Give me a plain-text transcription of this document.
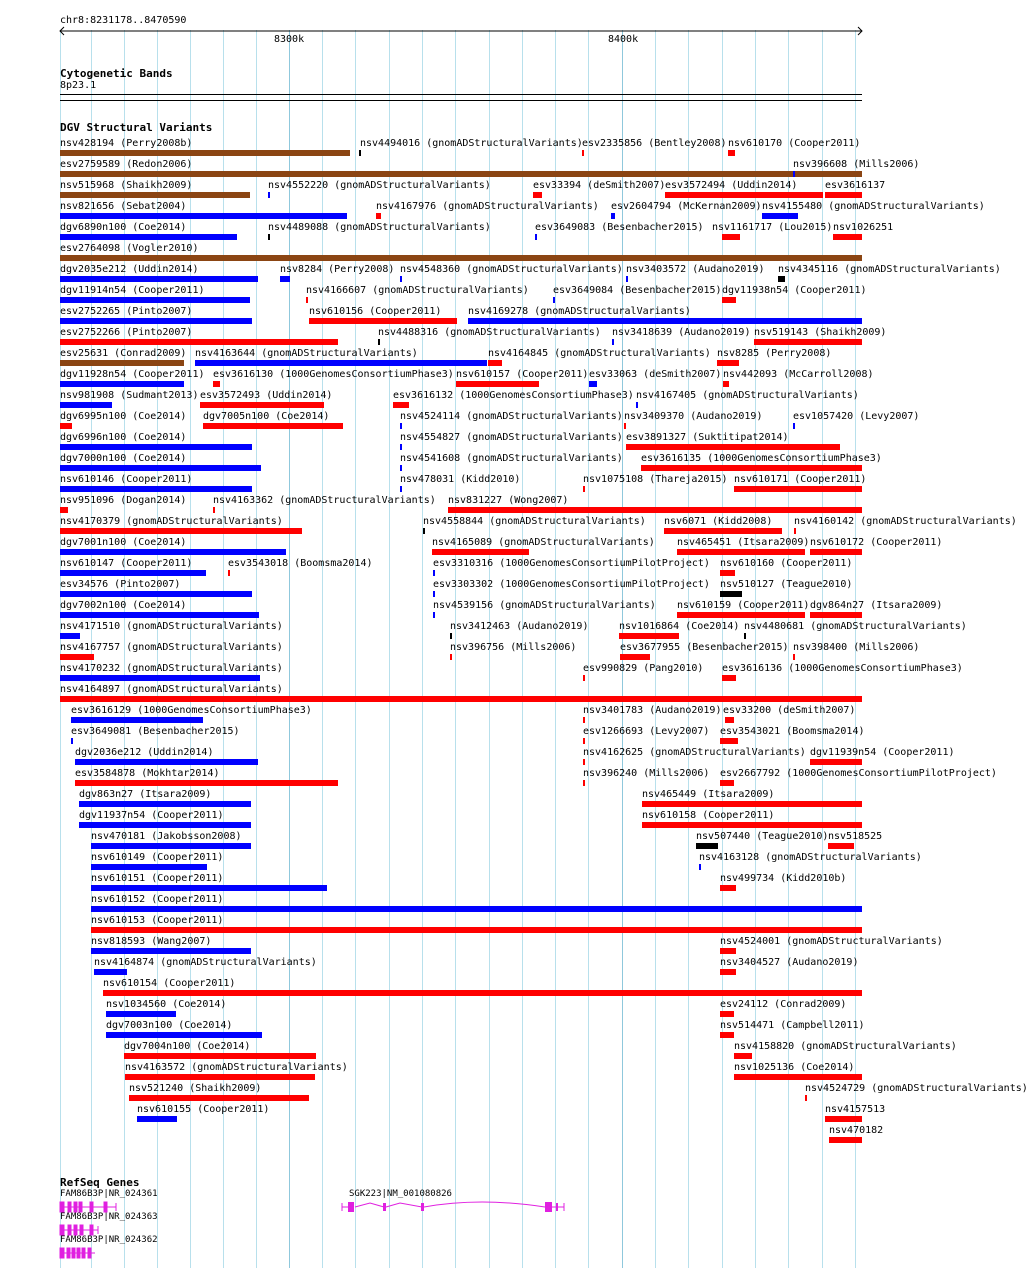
chr8:8231178..8470590
8300k	8400k
Cytogenetic Bands
8p23.1
DGV Structural Variants
nsv428194 (Perry2008b)	nsv4494016 (gnomADStructuralVariants) esv2335856 (Bentley2008) nsv610170 (Cooper2011)
esv2759589 (Redon2006)	nsv396608 (Mills2006)
nsv515968 (Shaikh2009)	nsv4552220 (gnomADStructuralVariants)	esv33394 (deSmith2007) esv3572494 (Uddin2014)	esv3616137
nsv821656 (Sebat2004)	nsv4167976 (gnomADStructuralVariants) esv2604794 (McKernan2009) nsv4155480 (gnomADStructuralVariants)
dgv6890n100 (Coe2014)	nsv4489088 (gnomADStructuralVariants)	esv3649083 (Besenbacher2015) nsv1161717 (Lou2015) nsv1026251
esv2764098 (Vogler2010)
dgv2035e212 (Uddin2014)	nsv8284 (Perry2008) nsv4548360 (gnomADStructuralVariants) nsv3403572 (Audano2019) nsv4345116 (gnomADStructuralVariants)
dgv11914n54 (Cooper2011)	nsv4166607 (gnomADStructuralVariants) esv3649084 (Besenbacher2015) dgv11938n54 (Cooper2011)
esv2752265 (Pinto2007)	nsv610156 (Cooper2011)	nsv4169278 (gnomADStructuralVariants)
esv2752266 (Pinto2007)	nsv4488316 (gnomADStructuralVariants) nsv3418639 (Audano2019) nsv519143 (Shaikh2009)
esv25631 (Conrad2009) nsv4163644 (gnomADStructuralVariants)	nsv4164845 (gnomADStructuralVariants) nsv8285 (Perry2008)
dgv11928n54 (Cooper2011) esv3616130 (1000GenomesConsortiumPhase3) nsv610157 (Cooper2011) esv33063 (deSmith2007) nsv442093 (McCarroll2008)
nsv981908 (Sudmant2013) esv3572493 (Uddin2014)	esv3616132 (1000GenomesConsortiumPhase3) nsv4167405 (gnomADStructuralVariants)
dgv6995n100 (Coe2014) dgv7005n100 (Coe2014)	nsv4524114 (gnomADStructuralVariants) nsv3409370 (Audano2019)	esv1057420 (Levy2007)
dgv6996n100 (Coe2014)	nsv4554827 (gnomADStructuralVariants) esv3891327 (Suktitipat2014)
dgv7000n100 (Coe2014)	nsv4541608 (gnomADStructuralVariants) esv3616135 (1000GenomesConsortiumPhase3)
nsv610146 (Cooper2011)	nsv478031 (Kidd2010)	nsv1075108 (Thareja2015) nsv610171 (Cooper2011)
nsv951096 (Dogan2014)	nsv4163362 (gnomADStructuralVariants) nsv831227 (Wong2007)
nsv4170379 (gnomADStructuralVariants)	nsv4558844 (gnomADStructuralVariants) nsv6071 (Kidd2008) nsv4160142 (gnomADStructuralVariants)
dgv7001n100 (Coe2014)	nsv4165089 (gnomADStructuralVariants) nsv465451 (Itsara2009) nsv610172 (Cooper2011)
nsv610147 (Cooper2011)	esv3543018 (Boomsma2014)	esv3310316 (1000GenomesConsortiumPilotProject) nsv610160 (Cooper2011)
esv34576 (Pinto2007)	esv3303302 (1000GenomesConsortiumPilotProject) nsv510127 (Teague2010)
dgv7002n100 (Coe2014)	nsv4539156 (gnomADStructuralVariants) nsv610159 (Cooper2011) dgv864n27 (Itsara2009)
nsv4171510 (gnomADStructuralVariants)	nsv3412463 (Audano2019)	nsv1016864 (Coe2014) nsv4480681 (gnomADStructuralVariants)
nsv4167757 (gnomADStructuralVariants)	nsv396756 (Mills2006)	esv3677955 (Besenbacher2015) nsv398400 (Mills2006)
nsv4170232 (gnomADStructuralVariants)	esv990829 (Pang2010) esv3616136 (1000GenomesConsortiumPhase3)
nsv4164897 (gnomADStructuralVariants)
esv3616129 (1000GenomesConsortiumPhase3)	nsv3401783 (Audano2019) esv33200 (deSmith2007)
esv3649081 (Besenbacher2015)	esv1266693 (Levy2007) esv3543021 (Boomsma2014)
dgv2036e212 (Uddin2014)	nsv4162625 (gnomADStructuralVariants) dgv11939n54 (Cooper2011)
esv3584878 (Mokhtar2014)	nsv396240 (Mills2006) esv2667792 (1000GenomesConsortiumPilotProject)
dgv863n27 (Itsara2009)	nsv465449 (Itsara2009)
dgv11937n54 (Cooper2011)	nsv610158 (Cooper2011)
nsv470181 (Jakobsson2008)	nsv507440 (Teague2010) nsv518525
nsv610149 (Cooper2011)	nsv4163128 (gnomADStructuralVariants)
nsv610151 (Cooper2011)	nsv499734 (Kidd2010b)
nsv610152 (Cooper2011)
nsv610153 (Cooper2011)
nsv818593 (Wang2007)	nsv4524001 (gnomADStructuralVariants)
nsv4164874 (gnomADStructuralVariants)	nsv3404527 (Audano2019)
nsv610154 (Cooper2011)
nsv1034560 (Coe2014)	esv24112 (Conrad2009)
dgv7003n100 (Coe2014)	nsv514471 (Campbell2011)
dgv7004n100 (Coe2014)	nsv4158820 (gnomADStructuralVariants)
nsv4163572 (gnomADStructuralVariants)	nsv1025136 (Coe2014)
nsv521240 (Shaikh2009)	nsv4524729 (gnomADStructuralVariants)
nsv610155 (Cooper2011)	nsv4157513
nsv470182
RefSeq Genes
FAM86B3P|NR_024361	SGK223|NM_001080826
FAM86B3P|NR_024363
FAM86B3P|NR_024362
